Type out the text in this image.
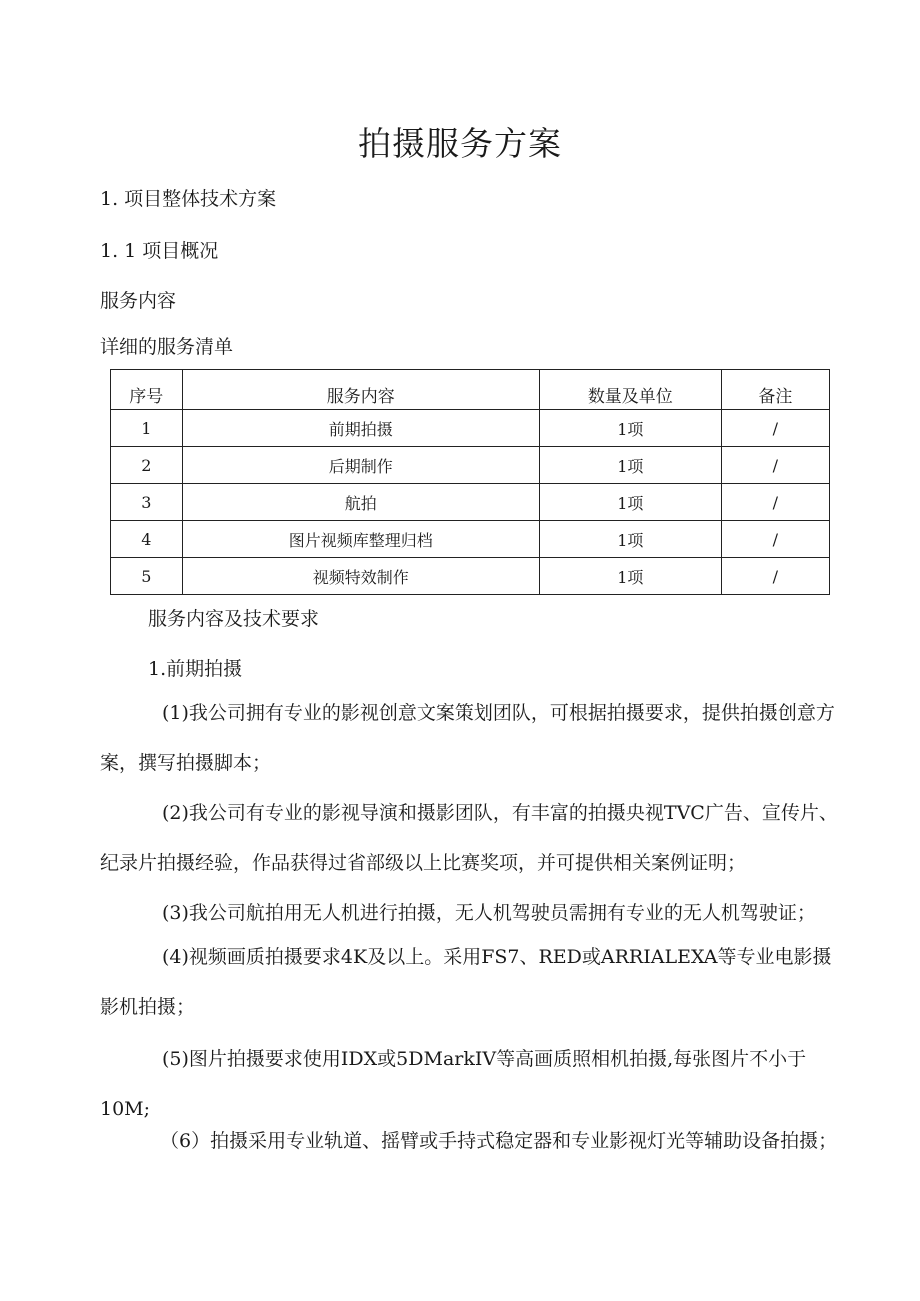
拍摄服务方案
1. 项目整体技术方案
1. 1 项目概况
服务内容
详细的服务清单
序号	服务内容	数量及单位	备注
1	前期拍摄	1项	/
2	后期制作	1项	/
3	航拍	1项	/
4	图片视频库整理归档	1项	/
5	视频特效制作	1项	/
服务内容及技术要求
1.前期拍摄

(1)我公司拥有专业的影视创意文案策划团队，可根据拍摄要求，提供拍摄创意方案，撰写拍摄脚本；

(2)我公司有专业的影视导演和摄影团队，有丰富的拍摄央视TVC广告、宣传片、纪录片拍摄经验，作品获得过省部级以上比赛奖项，并可提供相关案例证明；

(3)我公司航拍用无人机进行拍摄，无人机驾驶员需拥有专业的无人机驾驶证；

(4)视频画质拍摄要求4K及以上。采用FS7、RED或ARRIALEXA等专业电影摄影机拍摄；

(5)图片拍摄要求使用IDX或5DMarkIV等高画质照相机拍摄,每张图片不小于10M;

（6）拍摄采用专业轨道、摇臂或手持式稳定器和专业影视灯光等辅助设备拍摄；
